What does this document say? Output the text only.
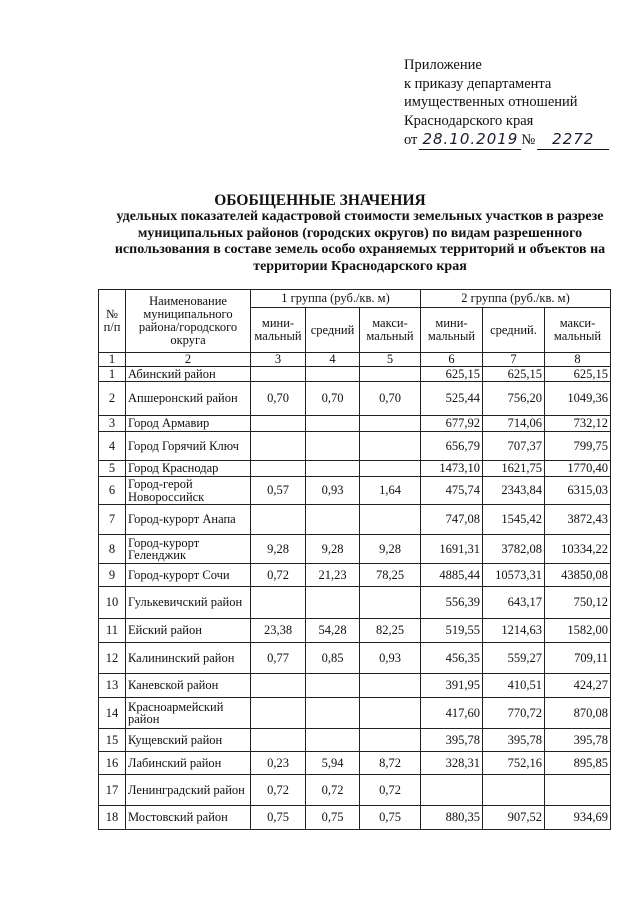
Приложение
к приказу департамента
имущественных отношений
Краснодарского края
от 28.10.2019 № 2272
ОБОБЩЕННЫЕ ЗНАЧЕНИЯ
удельных показателей кадастровой стоимости земельных участков в разрезе муниципальных районов (городских округов) по видам разрешенного использования в составе земель особо охраняемых территорий и объектов на территории Краснодарского края
№ п/п	Наименование муниципального района/городского округа	1 группа (руб./кв. м)			2 группа (руб./кв. м)		
		мини-мальный	средний	макси-мальный	мини-мальный	средний.	макси-мальный
1	2	3	4	5	6	7	8
1	Абинский район				625,15	625,15	625,15
2	Апшеронский район	0,70	0,70	0,70	525,44	756,20	1049,36
3	Город Армавир				677,92	714,06	732,12
4	Город Горячий Ключ				656,79	707,37	799,75
5	Город Краснодар				1473,10	1621,75	1770,40
6	Город-герой Новороссийск	0,57	0,93	1,64	475,74	2343,84	6315,03
7	Город-курорт Анапа				747,08	1545,42	3872,43
8	Город-курорт Геленджик	9,28	9,28	9,28	1691,31	3782,08	10334,22
9	Город-курорт Сочи	0,72	21,23	78,25	4885,44	10573,31	43850,08
10	Гулькевичский район				556,39	643,17	750,12
11	Ейский район	23,38	54,28	82,25	519,55	1214,63	1582,00
12	Калининский район	0,77	0,85	0,93	456,35	559,27	709,11
13	Каневской район				391,95	410,51	424,27
14	Красноармейский район				417,60	770,72	870,08
15	Кущевский район				395,78	395,78	395,78
16	Лабинский район	0,23	5,94	8,72	328,31	752,16	895,85
17	Ленинградский район	0,72	0,72	0,72			
18	Мостовский район	0,75	0,75	0,75	880,35	907,52	934,69
